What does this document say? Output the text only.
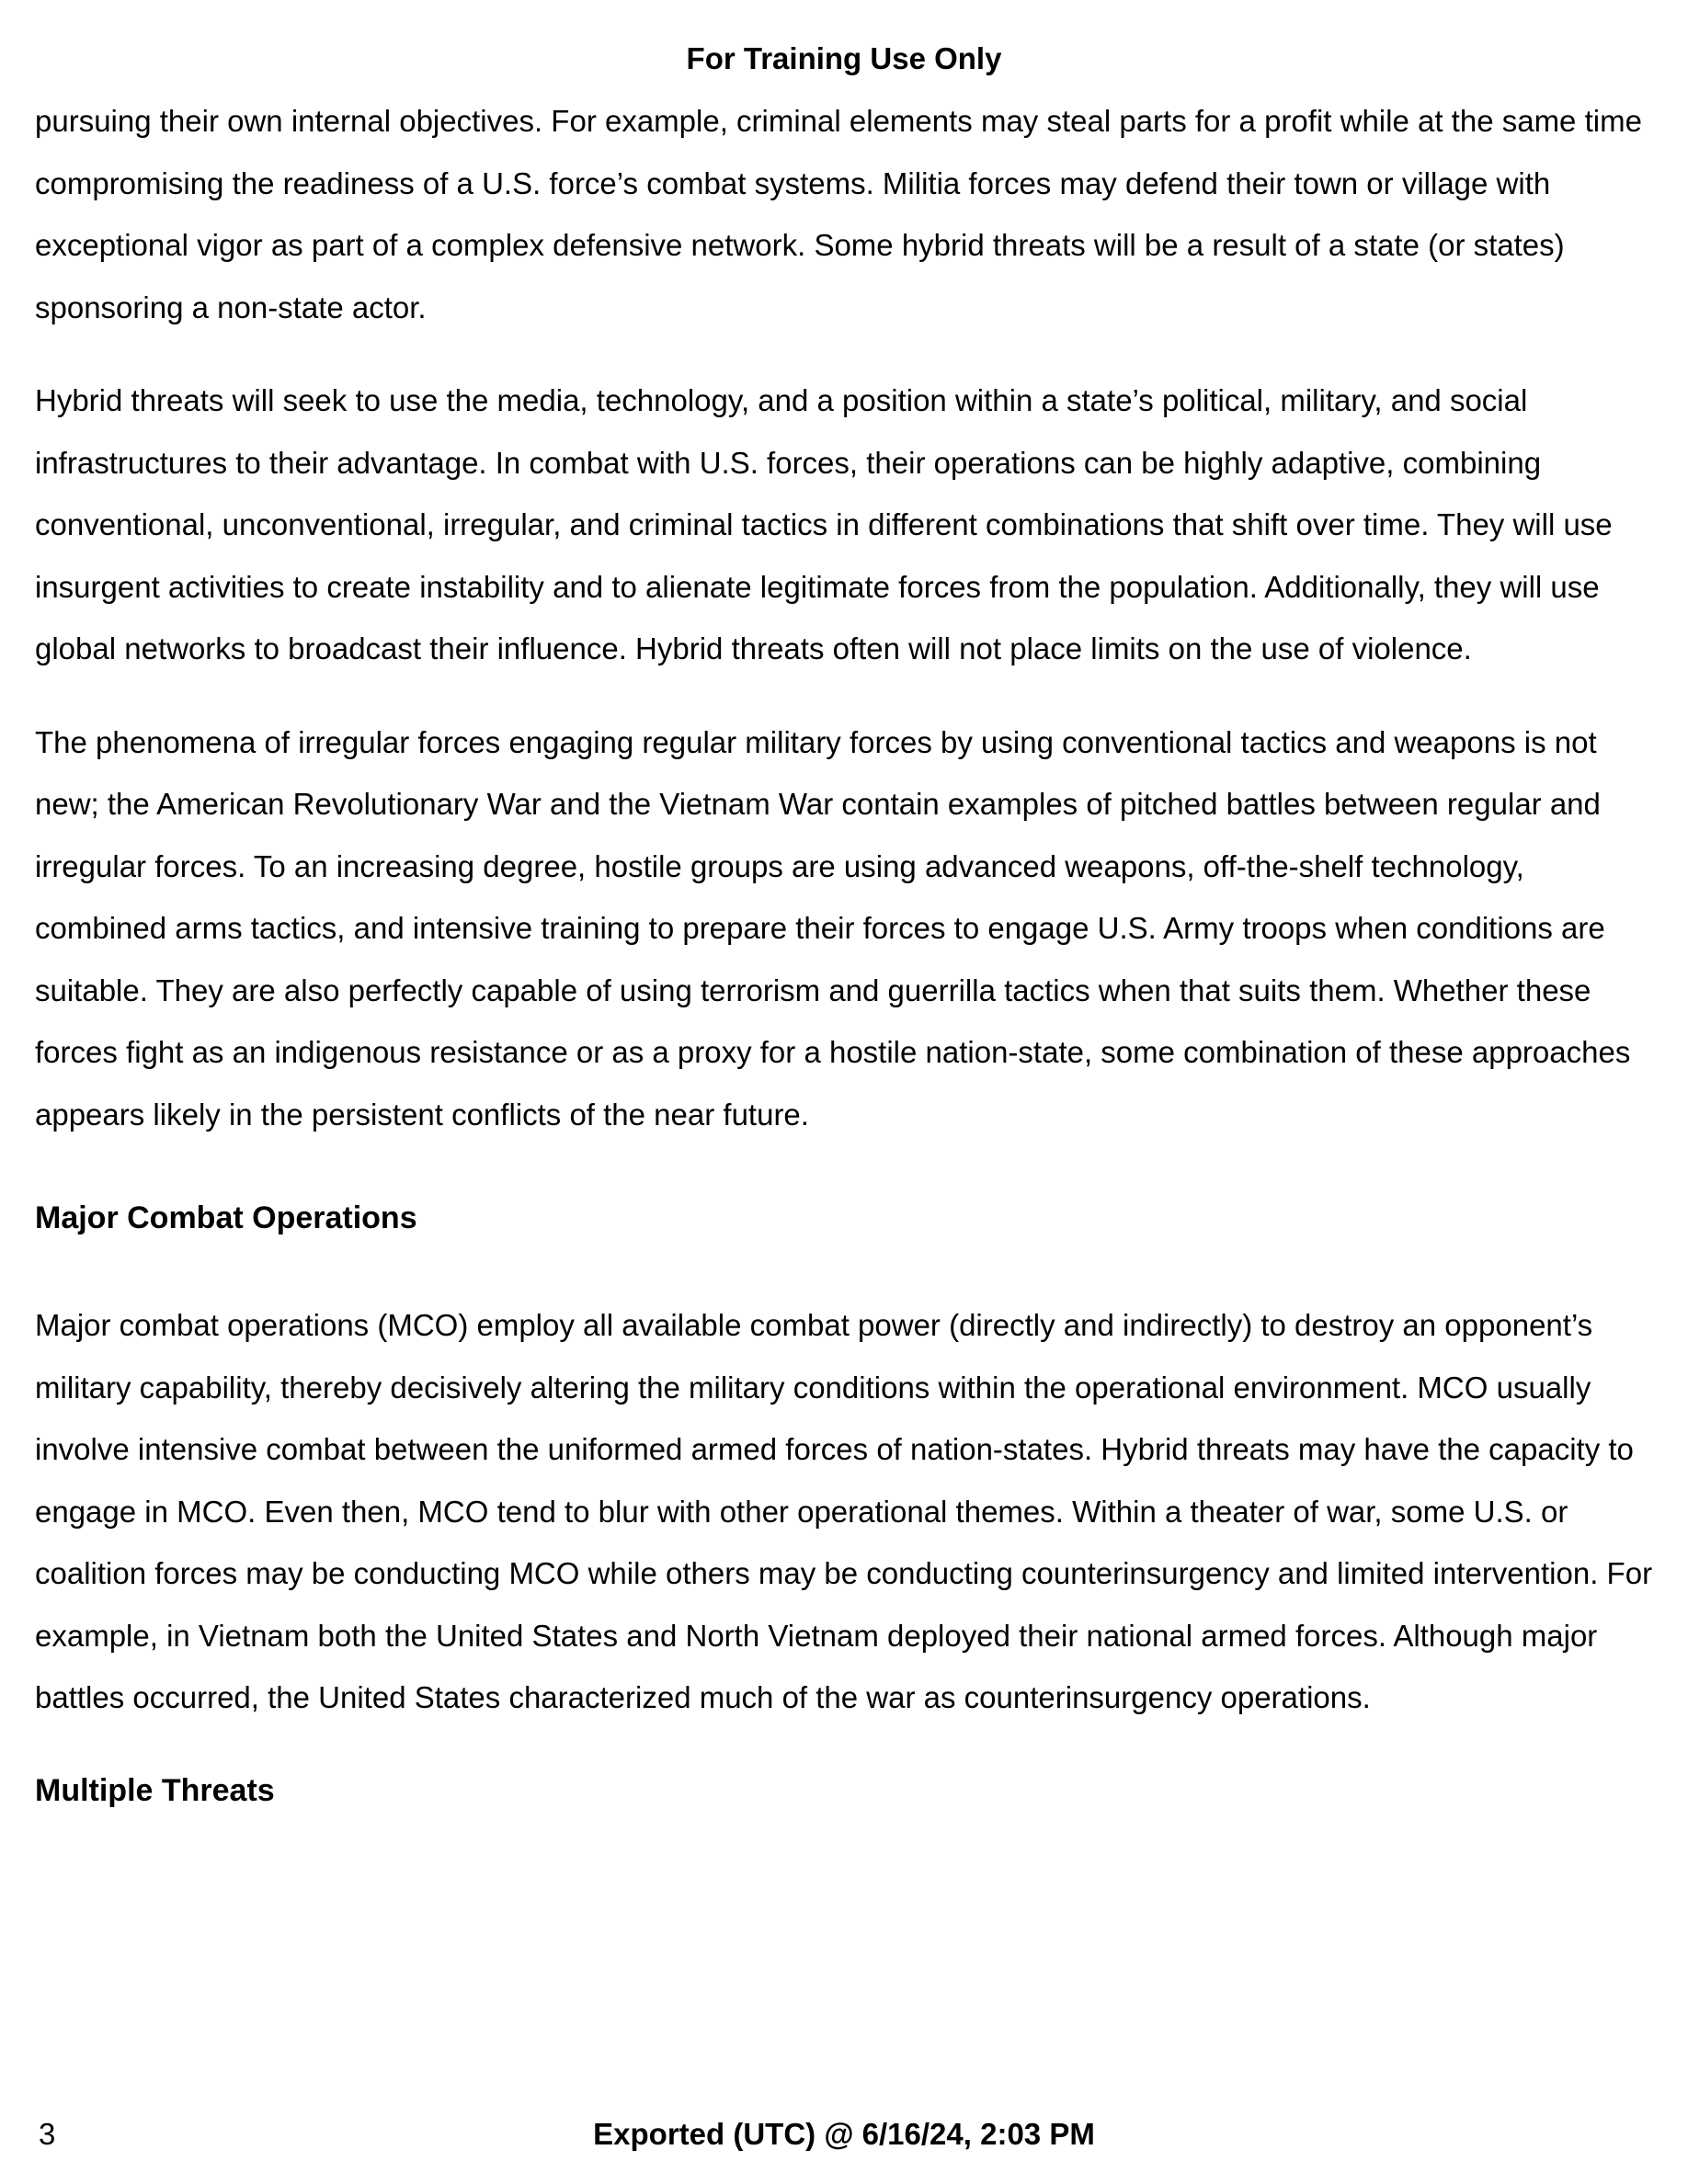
For Training Use Only

pursuing their own internal objectives. For example, criminal elements may steal parts for a profit while at the same time compromising the readiness of a U.S. force’s combat systems. Militia forces may defend their town or village with exceptional vigor as part of a complex defensive network. Some hybrid threats will be a result of a state (or states) sponsoring a non-state actor.

Hybrid threats will seek to use the media, technology, and a position within a state’s political, military, and social infrastructures to their advantage. In combat with U.S. forces, their operations can be highly adaptive, combining conventional, unconventional, irregular, and criminal tactics in different combinations that shift over time. They will use insurgent activities to create instability and to alienate legitimate forces from the population. Additionally, they will use global networks to broadcast their influence. Hybrid threats often will not place limits on the use of violence.

The phenomena of irregular forces engaging regular military forces by using conventional tactics and weapons is not new; the American Revolutionary War and the Vietnam War contain examples of pitched battles between regular and irregular forces. To an increasing degree, hostile groups are using advanced weapons, off-the-shelf technology, combined arms tactics, and intensive training to prepare their forces to engage U.S. Army troops when conditions are suitable. They are also perfectly capable of using terrorism and guerrilla tactics when that suits them. Whether these forces fight as an indigenous resistance or as a proxy for a hostile nation-state, some combination of these approaches appears likely in the persistent conflicts of the near future.

Major Combat Operations

Major combat operations (MCO) employ all available combat power (directly and indirectly) to destroy an opponent’s military capability, thereby decisively altering the military conditions within the operational environment. MCO usually involve intensive combat between the uniformed armed forces of nation-states. Hybrid threats may have the capacity to engage in MCO. Even then, MCO tend to blur with other operational themes. Within a theater of war, some U.S. or coalition forces may be conducting MCO while others may be conducting counterinsurgency and limited intervention. For example, in Vietnam both the United States and North Vietnam deployed their national armed forces. Although major battles occurred, the United States characterized much of the war as counterinsurgency operations.

Multiple Threats
3	Exported (UTC) @ 6/16/24, 2:03 PM
